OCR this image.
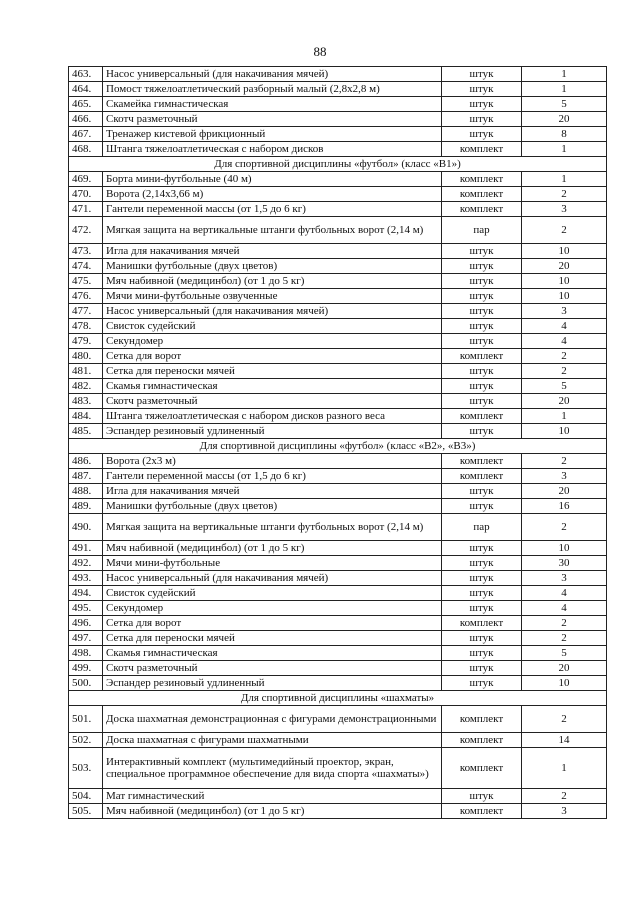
88
463.	Насос универсальный (для накачивания мячей)	штук	1
464.	Помост тяжелоатлетический разборный малый (2,8х2,8 м)	штук	1
465.	Скамейка гимнастическая	штук	5
466.	Скотч разметочный	штук	20
467.	Тренажер кистевой фрикционный	штук	8
468.	Штанга тяжелоатлетическая с набором дисков	комплект	1
Для спортивной дисциплины «футбол» (класс «В1»)			
469.	Борта мини-футбольные (40 м)	комплект	1
470.	Ворота (2,14х3,66 м)	комплект	2
471.	Гантели переменной массы (от 1,5 до 6 кг)	комплект	3
472.	Мягкая защита на вертикальные штанги футбольных ворот (2,14 м)	пар	2
473.	Игла для накачивания мячей	штук	10
474.	Манишки футбольные (двух цветов)	штук	20
475.	Мяч набивной (медицинбол) (от 1 до 5 кг)	штук	10
476.	Мячи мини-футбольные озвученные	штук	10
477.	Насос универсальный (для накачивания мячей)	штук	3
478.	Свисток судейский	штук	4
479.	Секундомер	штук	4
480.	Сетка для ворот	комплект	2
481.	Сетка для переноски мячей	штук	2
482.	Скамья гимнастическая	штук	5
483.	Скотч разметочный	штук	20
484.	Штанга тяжелоатлетическая с набором дисков разного веса	комплект	1
485.	Эспандер резиновый удлиненный	штук	10
Для спортивной дисциплины «футбол» (класс «В2», «В3»)			
486.	Ворота (2х3 м)	комплект	2
487.	Гантели переменной массы (от 1,5 до 6 кг)	комплект	3
488.	Игла для накачивания мячей	штук	20
489.	Манишки футбольные (двух цветов)	штук	16
490.	Мягкая защита на вертикальные штанги футбольных ворот (2,14 м)	пар	2
491.	Мяч набивной (медицинбол) (от 1 до 5 кг)	штук	10
492.	Мячи мини-футбольные	штук	30
493.	Насос универсальный (для накачивания мячей)	штук	3
494.	Свисток судейский	штук	4
495.	Секундомер	штук	4
496.	Сетка для ворот	комплект	2
497.	Сетка для переноски мячей	штук	2
498.	Скамья гимнастическая	штук	5
499.	Скотч разметочный	штук	20
500.	Эспандер резиновый удлиненный	штук	10
Для спортивной дисциплины «шахматы»			
501.	Доска шахматная демонстрационная с фигурами демонстрационными	комплект	2
502.	Доска шахматная с фигурами шахматными	комплект	14
503.	Интерактивный комплект (мультимедийный проектор, экран, специальное программное обеспечение для вида спорта «шахматы»)	комплект	1
504.	Мат гимнастический	штук	2
505.	Мяч набивной (медицинбол) (от 1 до 5 кг)	комплект	3
